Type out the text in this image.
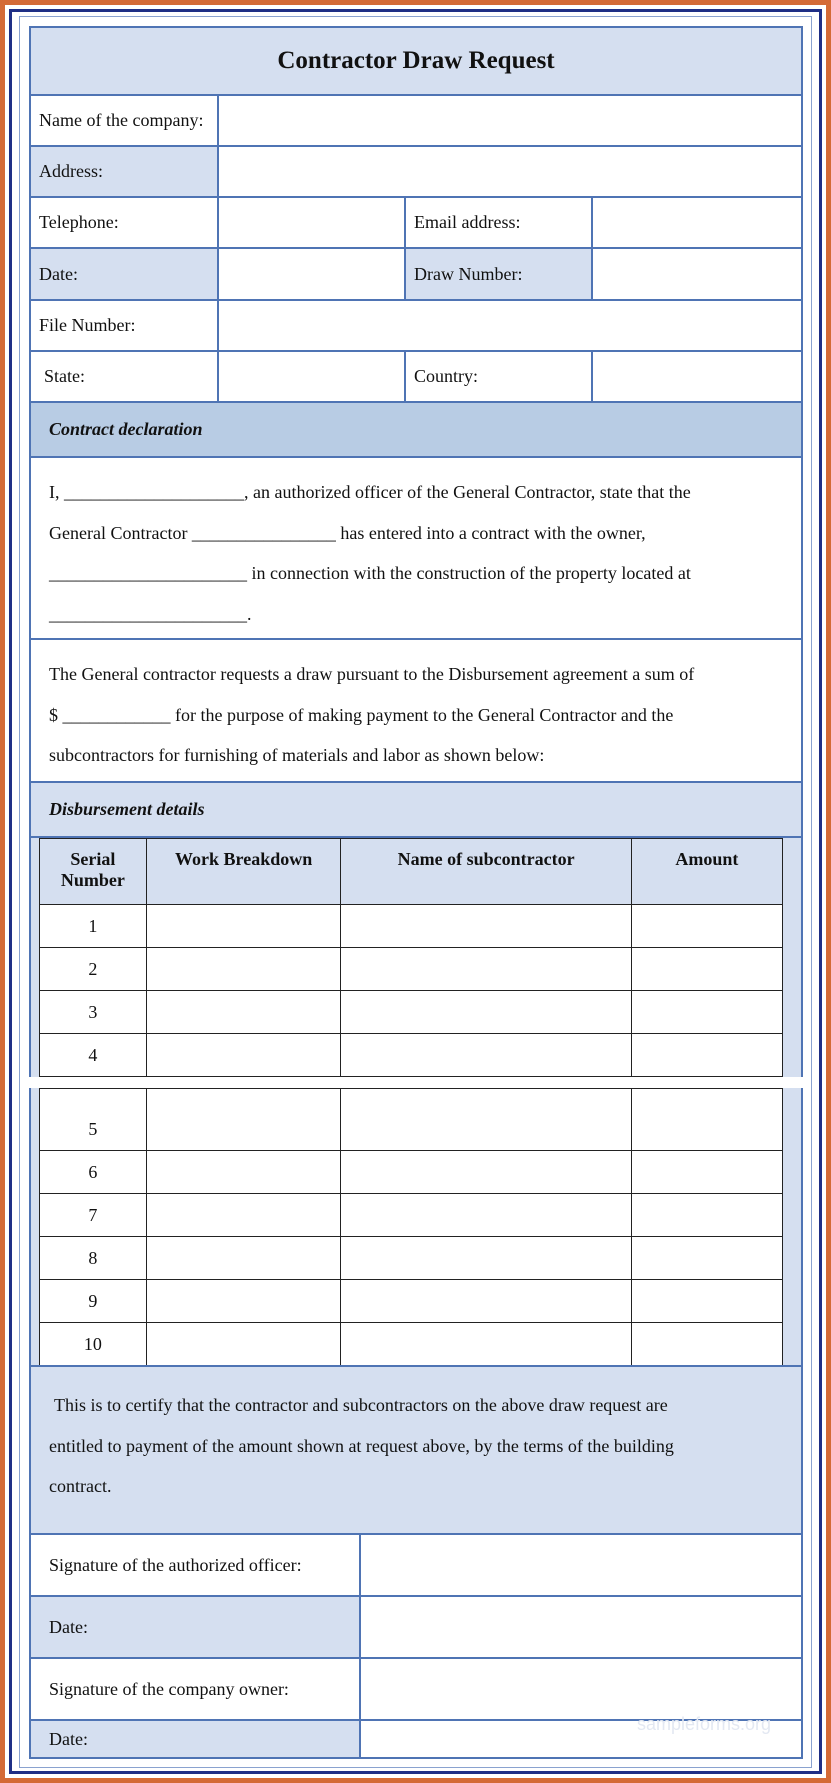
Contractor Draw Request
Name of the company:
Address:
Telephone:	Email address:
Date:	Draw Number:
File Number:
State:	Country:
Contract declaration

I, ____________________, an authorized officer of the General Contractor, state that the

General Contractor ________________ has entered into a contract with the owner,

______________________ in connection with the construction of the property located at

______________________.

The General contractor requests a draw pursuant to the Disbursement agreement a sum of

$ ____________ for the purpose of making payment to the General Contractor and the

subcontractors for furnishing of materials and labor as shown below:

Disbursement details
Serial
Number	Work Breakdown	Name of subcontractor	Amount
1			
2			
3			
4			
5			
6			
7			
8			
9			
10			

This is to certify that the contractor and subcontractors on the above draw request are

entitled to payment of the amount shown at request above, by the terms of the building

contract.

Signature of the authorized officer:
Date:
Signature of the company owner:
Date:
sampleforms.org
